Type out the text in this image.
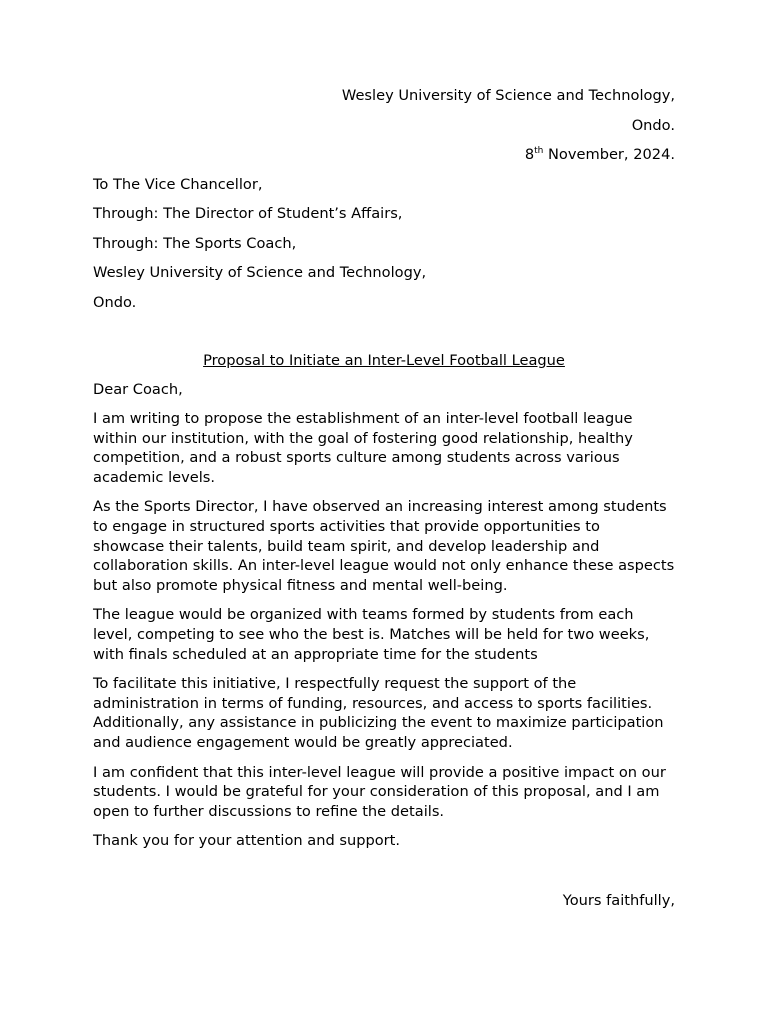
Wesley University of Science and Technology,
Ondo.
8th November, 2024.
To The Vice Chancellor,
Through: The Director of Student’s Affairs,
Through: The Sports Coach,
Wesley University of Science and Technology,
Ondo.
Proposal to Initiate an Inter-Level Football League
Dear Coach,

I am writing to propose the establishment of an inter-level football league within our institution, with the goal of fostering good relationship, healthy competition, and a robust sports culture among students across various academic levels.

As the Sports Director, I have observed an increasing interest among students to engage in structured sports activities that provide opportunities to showcase their talents, build team spirit, and develop leadership and collaboration skills. An inter-level league would not only enhance these aspects but also promote physical fitness and mental well-being.

The league would be organized with teams formed by students from each level, competing to see who the best is. Matches will be held for two weeks, with finals scheduled at an appropriate time for the students

To facilitate this initiative, I respectfully request the support of the administration in terms of funding, resources, and access to sports facilities. Additionally, any assistance in publicizing the event to maximize participation and audience engagement would be greatly appreciated.

I am confident that this inter-level league will provide a positive impact on our students. I would be grateful for your consideration of this proposal, and I am open to further discussions to refine the details.

Thank you for your attention and support.

Yours faithfully,
